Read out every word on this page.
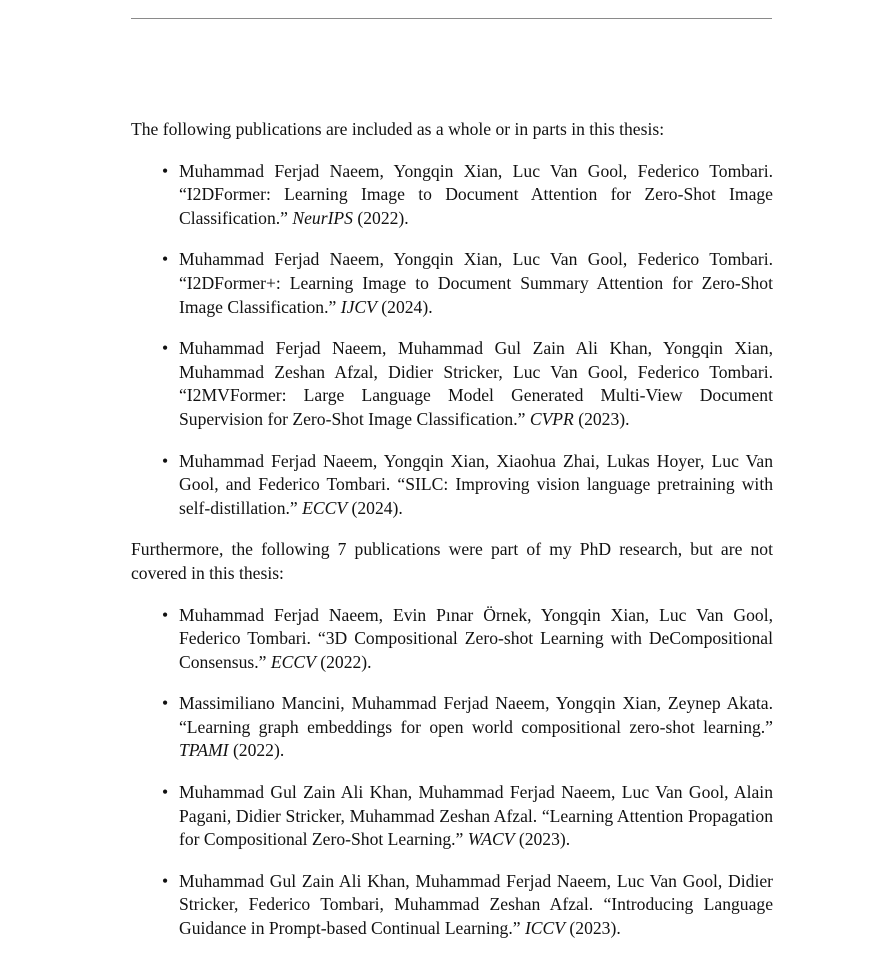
The following publications are included as a whole or in parts in this thesis:

• Muhammad Ferjad Naeem, Yongqin Xian, Luc Van Gool, Federico Tombari. “I2DFormer: Learning Image to Document Attention for Zero-Shot Image Classification.” NeurIPS (2022).
• Muhammad Ferjad Naeem, Yongqin Xian, Luc Van Gool, Federico Tombari. “I2DFormer+: Learning Image to Document Summary Attention for Zero-Shot Image Classification.” IJCV (2024).
• Muhammad Ferjad Naeem, Muhammad Gul Zain Ali Khan, Yongqin Xian, Muhammad Zeshan Afzal, Didier Stricker, Luc Van Gool, Federico Tombari. “I2MVFormer: Large Language Model Generated Multi-View Document Supervision for Zero-Shot Image Classification.” CVPR (2023).
• Muhammad Ferjad Naeem, Yongqin Xian, Xiaohua Zhai, Lukas Hoyer, Luc Van Gool, and Federico Tombari. “SILC: Improving vision language pretraining with self-distillation.” ECCV (2024).

Furthermore, the following 7 publications were part of my PhD research, but are not covered in this thesis:

• Muhammad Ferjad Naeem, Evin Pınar Örnek, Yongqin Xian, Luc Van Gool, Federico Tombari. “3D Compositional Zero-shot Learning with DeCompositional Consensus.” ECCV (2022).
• Massimiliano Mancini, Muhammad Ferjad Naeem, Yongqin Xian, Zeynep Akata. “Learning graph embeddings for open world compositional zero-shot learning.” TPAMI (2022).
• Muhammad Gul Zain Ali Khan, Muhammad Ferjad Naeem, Luc Van Gool, Alain Pagani, Didier Stricker, Muhammad Zeshan Afzal. “Learning Attention Propagation for Compositional Zero-Shot Learning.” WACV (2023).
• Muhammad Gul Zain Ali Khan, Muhammad Ferjad Naeem, Luc Van Gool, Didier Stricker, Federico Tombari, Muhammad Zeshan Afzal. “Introducing Language Guidance in Prompt-based Continual Learning.” ICCV (2023).
